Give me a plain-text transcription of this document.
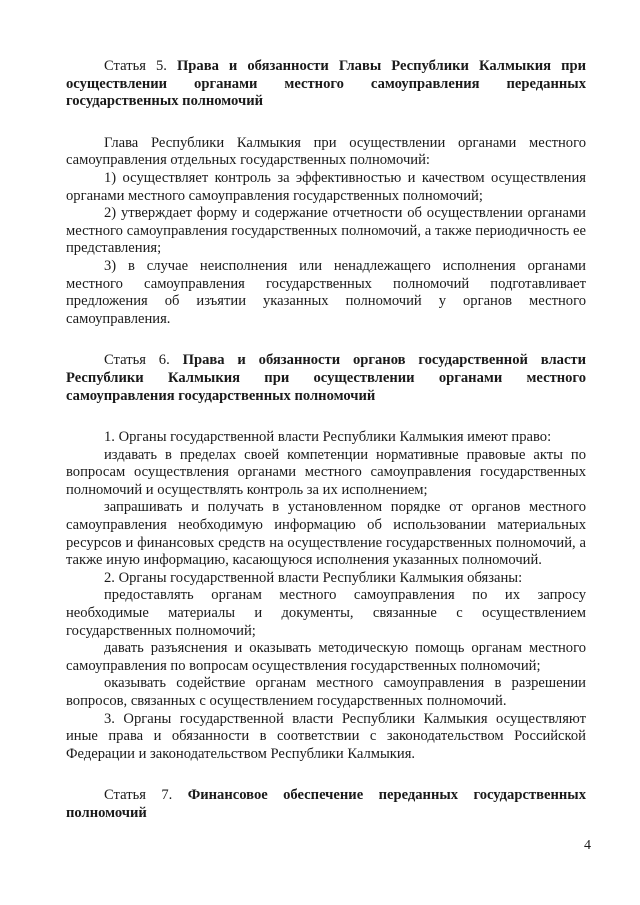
Статья 5. Права и обязанности Главы Республики Калмыкия при осуществлении органами местного самоуправления переданных государственных полномочий

Глава Республики Калмыкия при осуществлении органами местного самоуправления отдельных государственных полномочий:

1) осуществляет контроль за эффективностью и качеством осуществления органами местного самоуправления государственных полномочий;

2) утверждает форму и содержание отчетности об осуществлении органами местного самоуправления государственных полномочий, а также периодичность ее представления;

3) в случае неисполнения или ненадлежащего исполнения органами местного самоуправления государственных полномочий подготавливает предложения об изъятии указанных полномочий у органов местного самоуправления.

Статья 6. Права и обязанности органов государственной власти Республики Калмыкия при осуществлении органами местного самоуправления государственных полномочий

1. Органы государственной власти Республики Калмыкия имеют право:

издавать в пределах своей компетенции нормативные правовые акты по вопросам осуществления органами местного самоуправления государственных полномочий и осуществлять контроль за их исполнением;

запрашивать и получать в установленном порядке от органов местного самоуправления необходимую информацию об использовании материальных ресурсов и финансовых средств на осуществление государственных полномочий, а также иную информацию, касающуюся исполнения указанных полномочий.

2. Органы государственной власти Республики Калмыкия обязаны:

предоставлять органам местного самоуправления по их запросу необходимые материалы и документы, связанные с осуществлением государственных полномочий;

давать разъяснения и оказывать методическую помощь органам местного самоуправления по вопросам осуществления государственных полномочий;

оказывать содействие органам местного самоуправления в разрешении вопросов, связанных с осуществлением государственных полномочий.

3. Органы государственной власти Республики Калмыкия осуществляют иные права и обязанности в соответствии с законодательством Российской Федерации и законодательством Республики Калмыкия.

Статья 7. Финансовое обеспечение переданных государственных полномочий

4
